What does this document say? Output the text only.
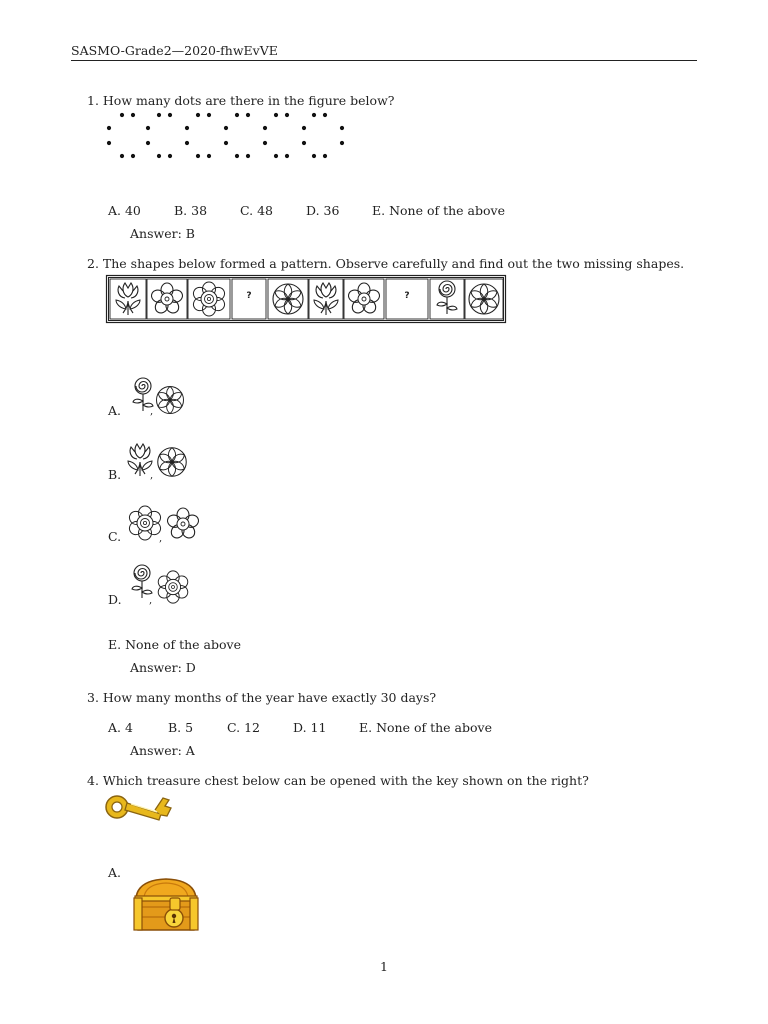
SASMO-Grade2—2020-fhwEvVE
1. How many dots are there in the figure below?
A. 40	B. 38	C. 48	D. 36	E. None of the above
Answer: B
2. The shapes below formed a pattern. Observe carefully and find out the two missing shapes.
?	?
A.	,
B.	,
C.	,
D.	,
E. None of the above
Answer: D
3. How many months of the year have exactly 30 days?
A. 4	B. 5	C. 12	D. 11	E. None of the above
Answer: A
4. Which treasure chest below can be opened with the key shown on the right?
A.
1
